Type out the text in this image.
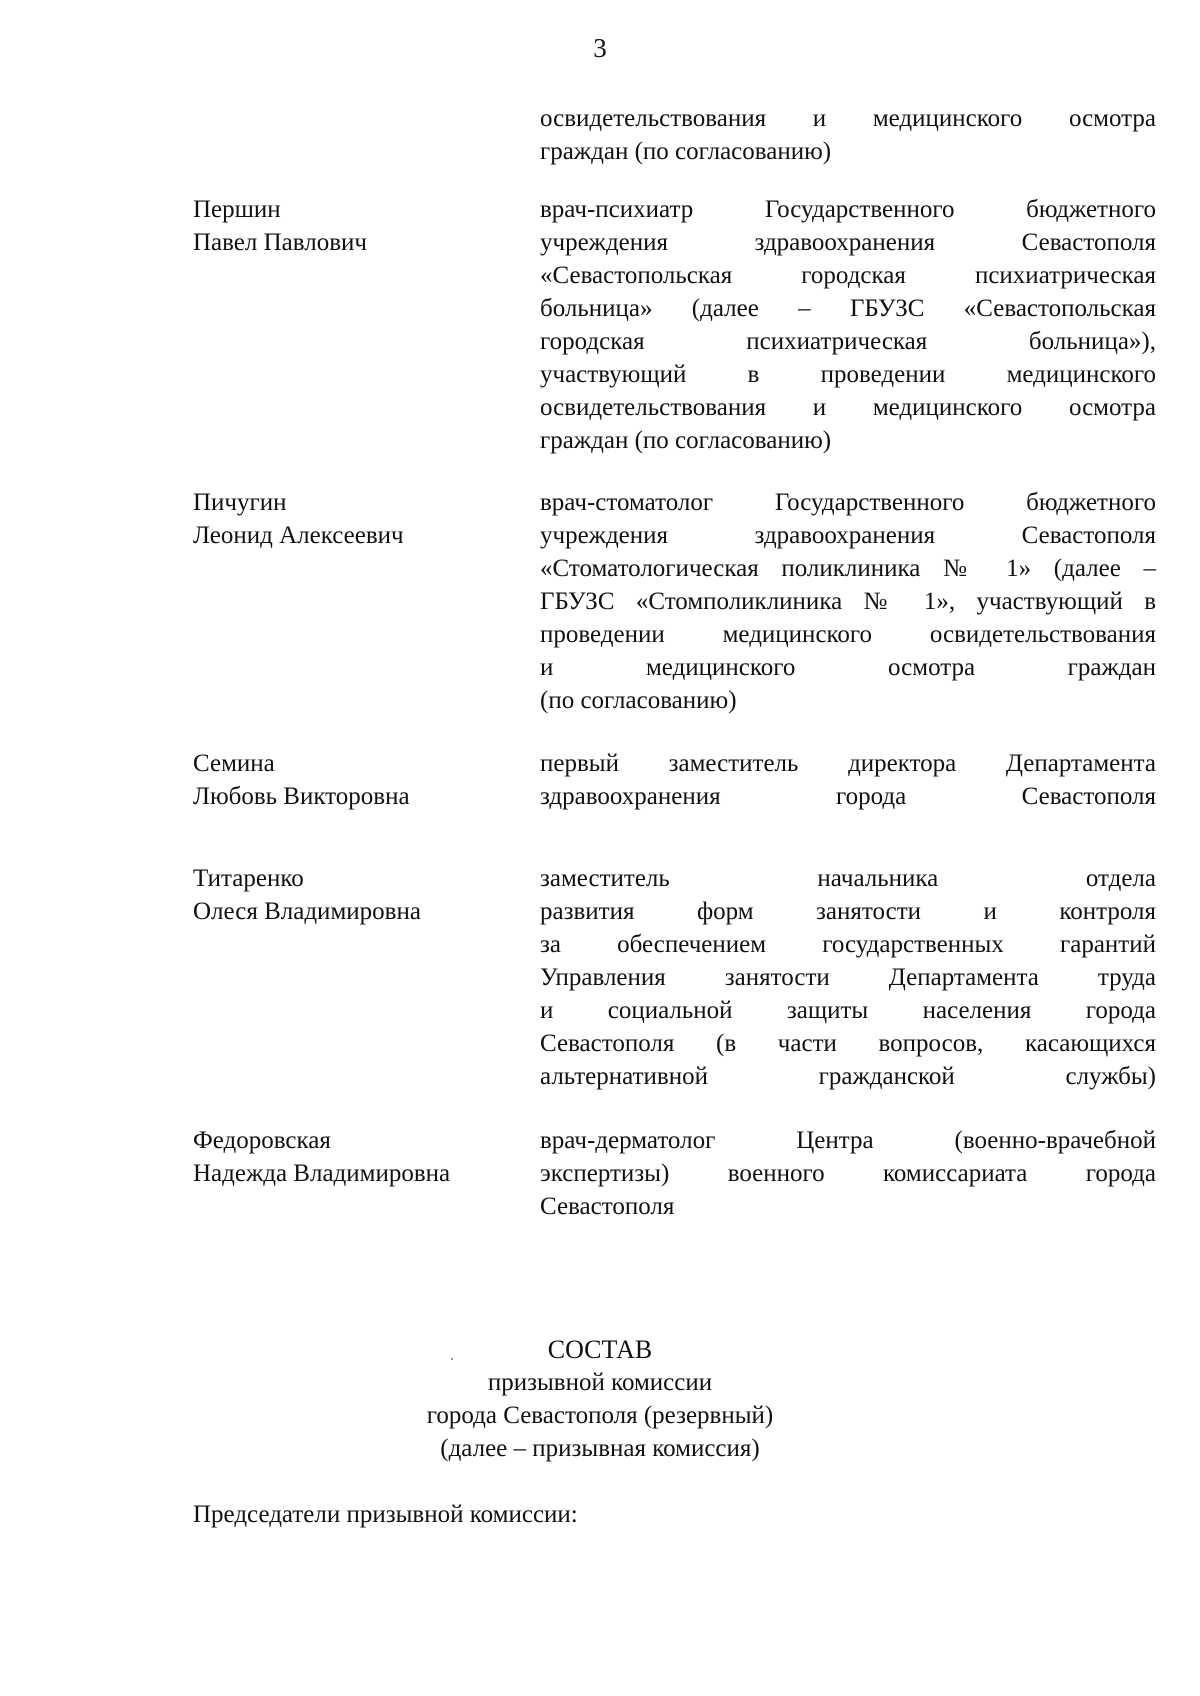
3
освидетельствования и медицинского осмотра
граждан (по согласованию)
Першин
Павел Павлович
врач-психиатр Государственного бюджетного
учреждения здравоохранения Севастополя
«Севастопольская городская психиатрическая
больница» (далее – ГБУЗС «Севастопольская
городская психиатрическая больница»),
участвующий в проведении медицинского
освидетельствования и медицинского осмотра
граждан (по согласованию)
Пичугин
Леонид Алексеевич
врач-стоматолог Государственного бюджетного
учреждения здравоохранения Севастополя
«Стоматологическая поликлиника № 1» (далее –
ГБУЗС «Стомполиклиника № 1», участвующий в
проведении медицинского освидетельствования
и медицинского осмотра граждан
(по согласованию)
Семина
Любовь Викторовна
первый заместитель директора Департамента
здравоохранения города Севастополя
Титаренко
Олеся Владимировна
заместитель начальника отдела
развития форм занятости и контроля
за обеспечением государственных гарантий
Управления занятости Департамента труда
и социальной защиты населения города
Севастополя (в части вопросов, касающихся
альтернативной гражданской службы)
Федоровская
Надежда Владимировна
врач-дерматолог Центра (военно-врачебной
экспертизы) военного комиссариата города
Севастополя
СОСТАВ
призывной комиссии
города Севастополя (резервный)
(далее – призывная комиссия)
Председатели призывной комиссии:
